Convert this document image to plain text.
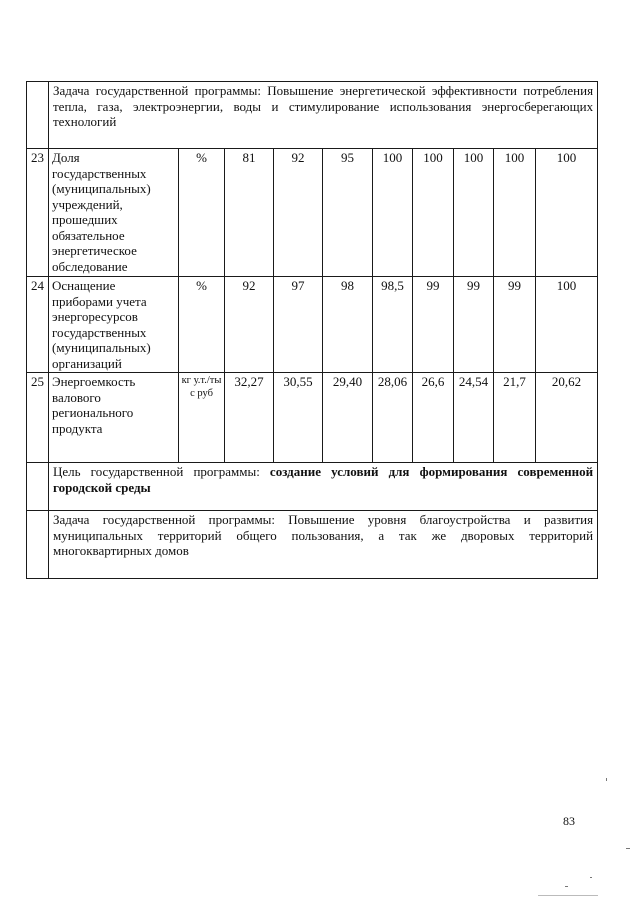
	Задача государственной программы: Повышение энергетической эффективности потребления тепла, газа, электроэнергии, воды и стимулирование использования энергосберегающих технологий									
23	Доля государственных (муниципальных) учреждений, прошедших обязательное энергетическое обследование	%	81	92	95	100	100	100	100	100
24	Оснащение приборами учета энергоресурсов государственных (муниципальных) организаций	%	92	97	98	98,5	99	99	99	100
25	Энергоемкость валового регионального продукта	кг у.т./ты с руб	32,27	30,55	29,40	28,06	26,6	24,54	21,7	20,62
	Цель государственной программы: создание условий для формирования современной городской среды									
	Задача государственной программы: Повышение уровня благоустройства и развития муниципальных территорий общего пользования, а так же дворовых территорий многоквартирных домов									
83
